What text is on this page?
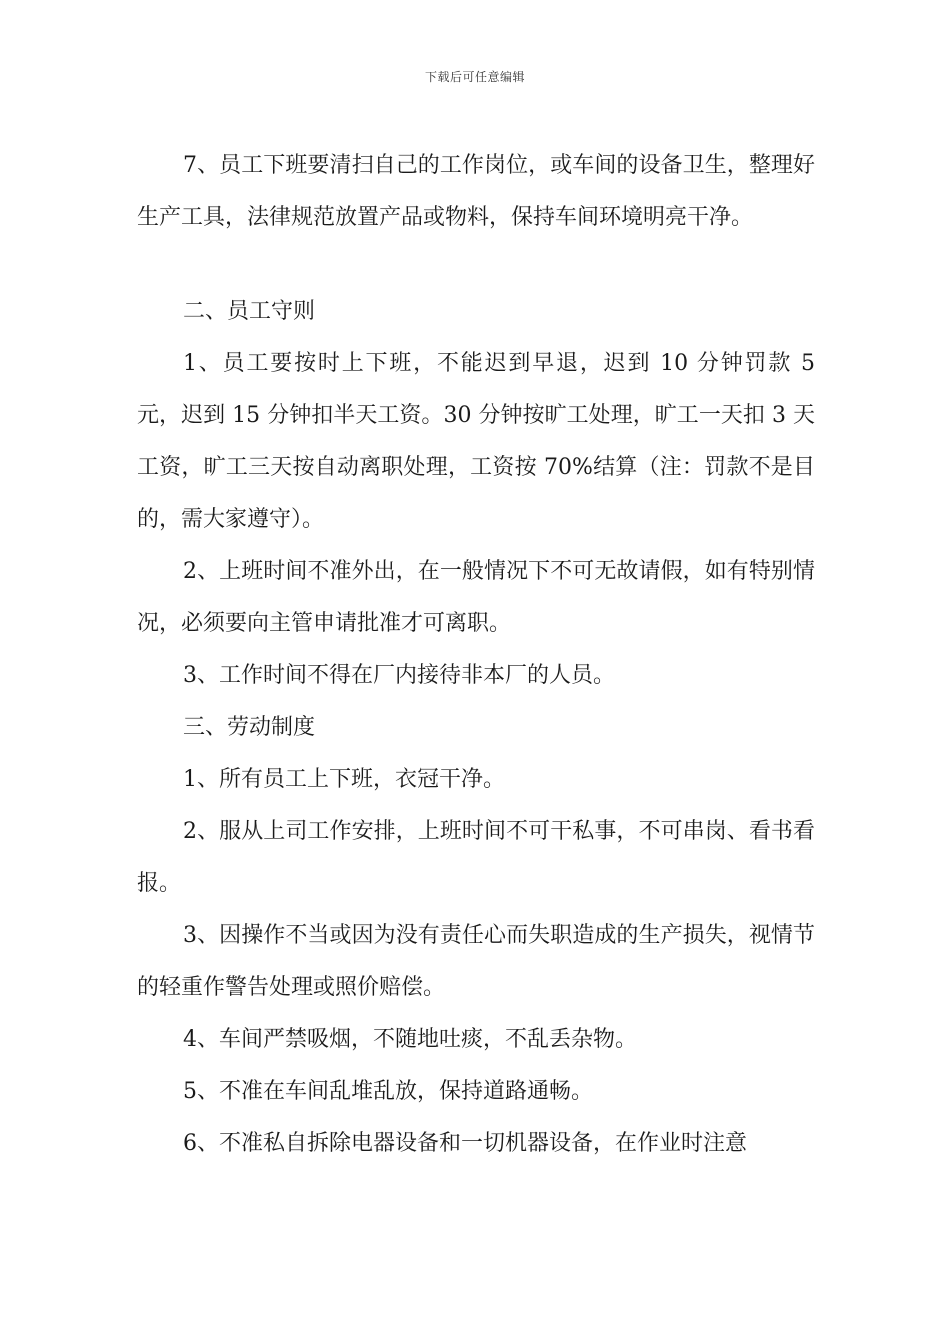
下载后可任意编辑

7、员工下班要清扫自己的工作岗位，或车间的设备卫生，整理好生产工具，法律规范放置产品或物料，保持车间环境明亮干净。

二、员工守则

1、员工要按时上下班，不能迟到早退，迟到 10 分钟罚款 5 元，迟到 15 分钟扣半天工资。30 分钟按旷工处理，旷工一天扣 3 天工资，旷工三天按自动离职处理，工资按 70%结算（注：罚款不是目的，需大家遵守）。

2、上班时间不准外出，在一般情况下不可无故请假，如有特别情况，必须要向主管申请批准才可离职。

3、工作时间不得在厂内接待非本厂的人员。

三、劳动制度

1、所有员工上下班，衣冠干净。

2、服从上司工作安排，上班时间不可干私事，不可串岗、看书看报。

3、因操作不当或因为没有责任心而失职造成的生产损失，视情节的轻重作警告处理或照价赔偿。

4、车间严禁吸烟，不随地吐痰，不乱丢杂物。

5、不准在车间乱堆乱放，保持道路通畅。

6、不准私自拆除电器设备和一切机器设备，在作业时注意
